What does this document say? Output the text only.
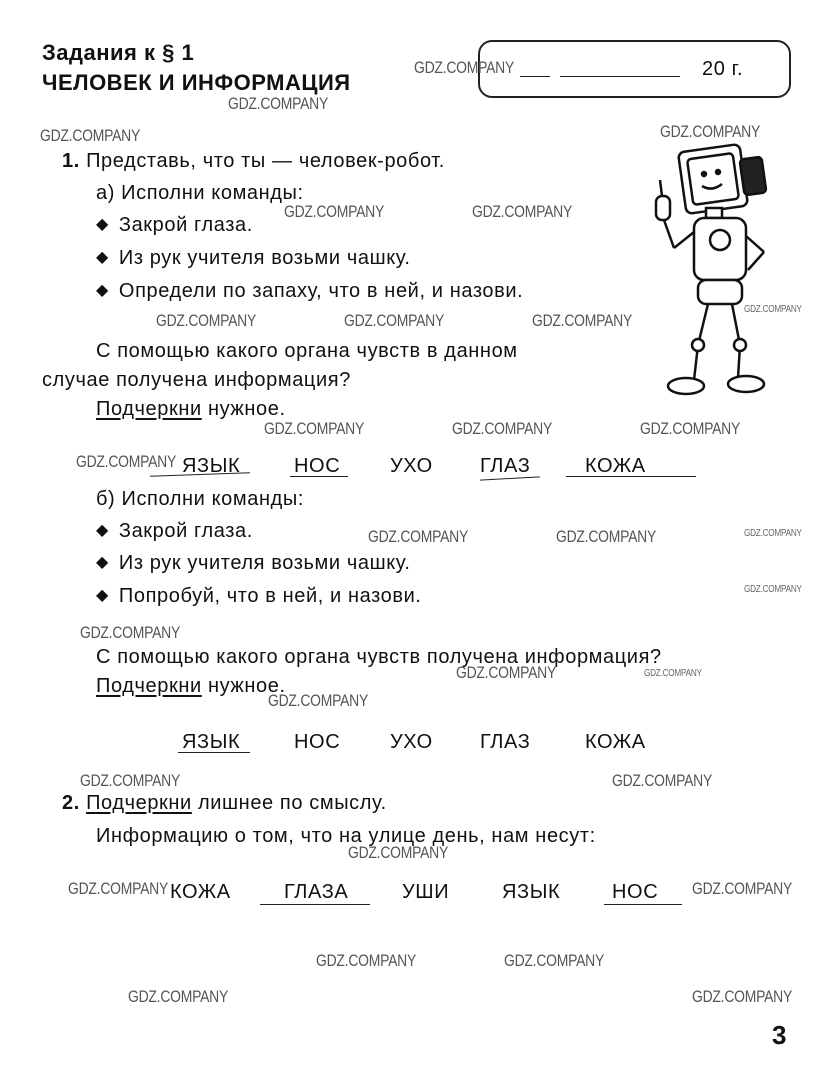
Задания к § 1
ЧЕЛОВЕК И ИНФОРМАЦИЯ
20 г.
1. Представь, что ты — человек-робот.
а) Исполни команды:
◆ Закрой глаза.
◆ Из рук учителя возьми чашку.
◆ Определи по запаху, что в ней, и назови.
С помощью какого органа чувств в данном
случае получена информация?
Подчеркни нужное.
ЯЗЫК	НОС УХО ГЛАЗ	КОЖА
б) Исполни команды:
◆ Закрой глаза.
◆ Из рук учителя возьми чашку.
◆ Попробуй, что в ней, и назови.
С помощью какого органа чувств получена информация?
Подчеркни нужное.
ЯЗЫК	НОС УХО ГЛАЗ	КОЖА
2. Подчеркни лишнее по смыслу.
Информацию о том, что на улице день, нам несут:
КОЖА	ГЛАЗА	УШИ	ЯЗЫК	НОС
3
GDZ.COMPANY
GDZ.COMPANY
GDZ.COMPANY	GDZ.COMPANY
GDZ.COMPANY	GDZ.COMPANY
GDZ.COMPANY	GDZ.COMPANY	GDZ.COMPANY
GDZ.COMPANY
GDZ.COMPANY	GDZ.COMPANY	GDZ.COMPANY
GDZ.COMPANY
GDZ.COMPANY	GDZ.COMPANY	GDZ.COMPANY
GDZ.COMPANY
GDZ.COMPANY
GDZ.COMPANY	GDZ.COMPANY
GDZ.COMPANY
GDZ.COMPANY	GDZ.COMPANY
GDZ.COMPANY
GDZ.COMPANY	GDZ.COMPANY
GDZ.COMPANY	GDZ.COMPANY
GDZ.COMPANY	GDZ.COMPANY
